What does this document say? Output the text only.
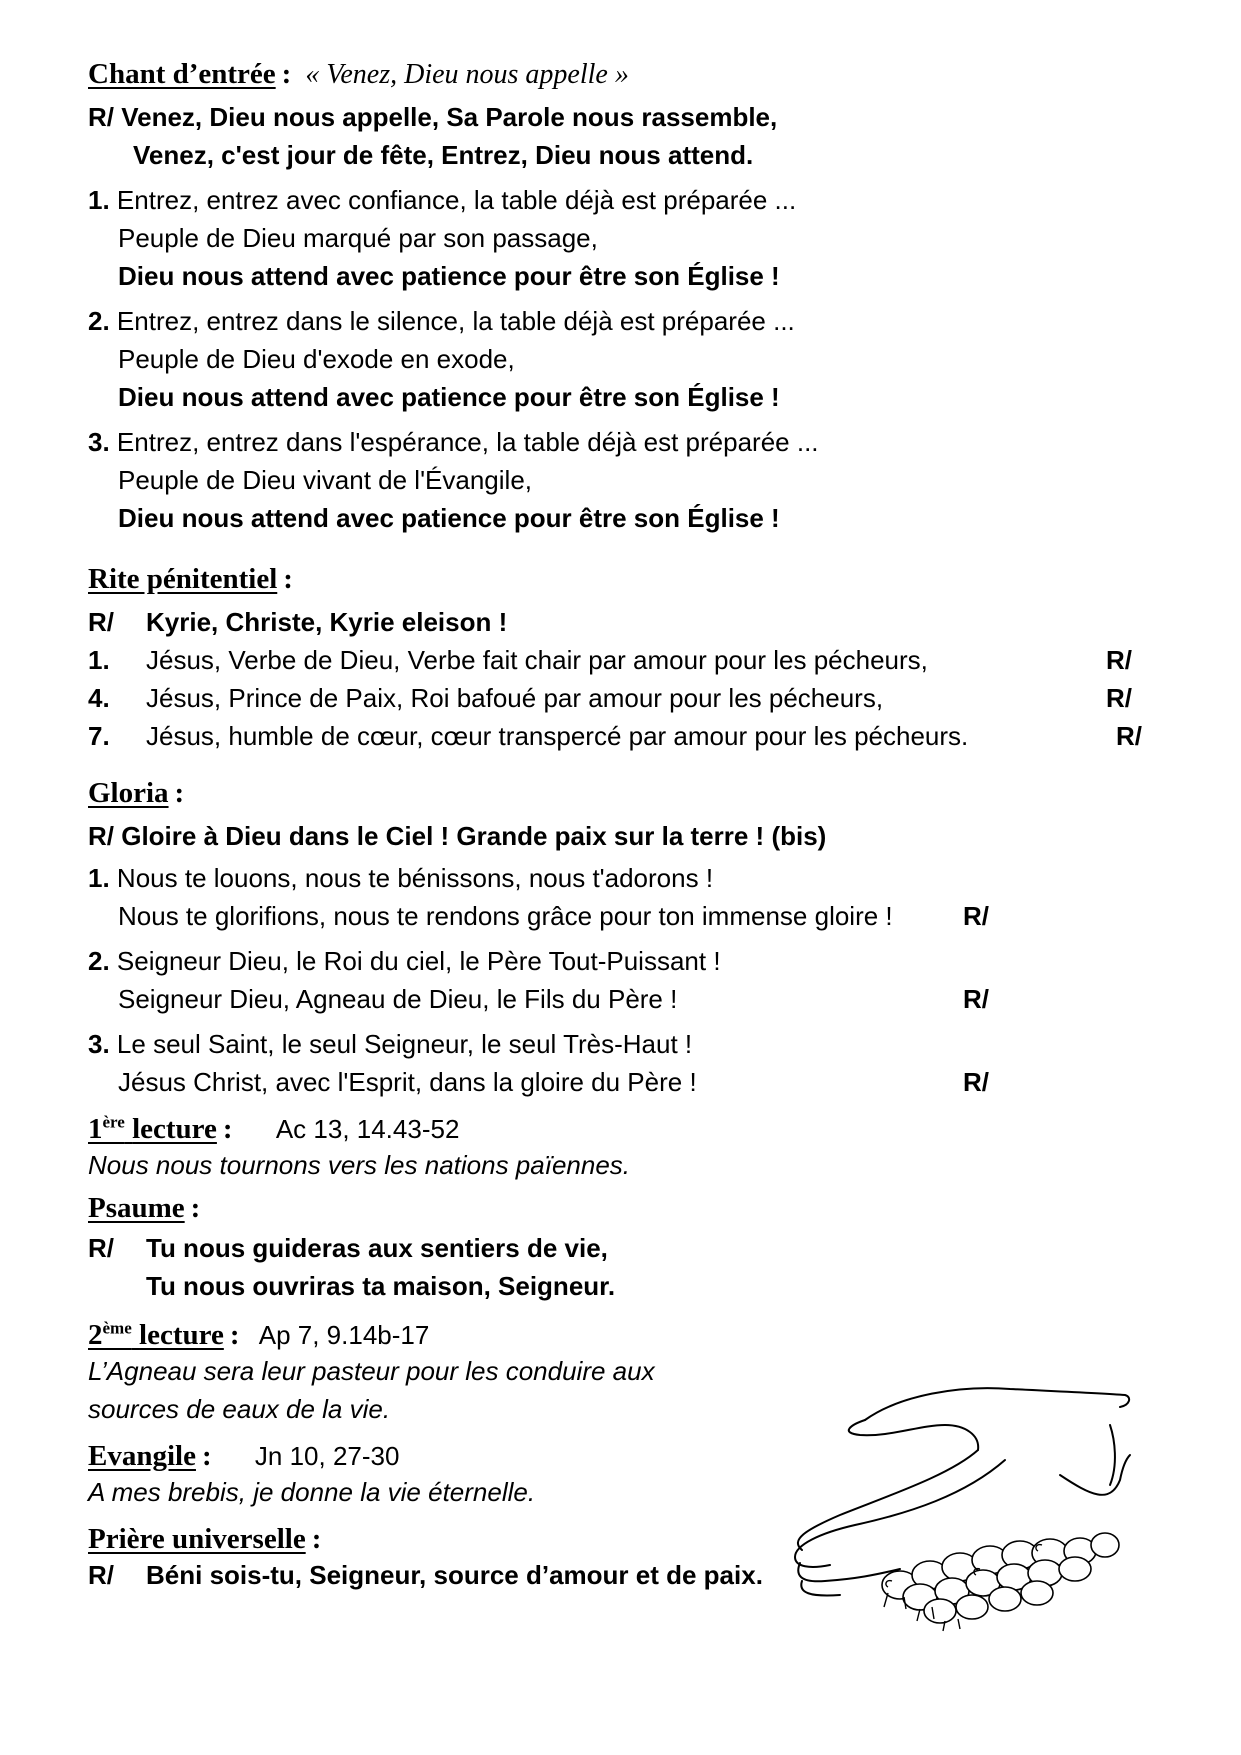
Chant d’entrée : « Venez, Dieu nous appelle »
R/ Venez, Dieu nous appelle, Sa Parole nous rassemble,
Venez, c'est jour de fête, Entrez, Dieu nous attend.
1. Entrez, entrez avec confiance, la table déjà est préparée ...
Peuple de Dieu marqué par son passage,
Dieu nous attend avec patience pour être son Église !
2. Entrez, entrez dans le silence, la table déjà est préparée ...
Peuple de Dieu d'exode en exode,
Dieu nous attend avec patience pour être son Église !
3. Entrez, entrez dans l'espérance, la table déjà est préparée ...
Peuple de Dieu vivant de l'Évangile,
Dieu nous attend avec patience pour être son Église !
Rite pénitentiel :
R/	Kyrie, Christe, Kyrie eleison !
1.	Jésus, Verbe de Dieu, Verbe fait chair par amour pour les pécheurs,	R/
4.	Jésus, Prince de Paix, Roi bafoué par amour pour les pécheurs,	R/
7.	Jésus, humble de cœur, cœur transpercé par amour pour les pécheurs.	R/
Gloria :
R/ Gloire à Dieu dans le Ciel ! Grande paix sur la terre ! (bis)
1. Nous te louons, nous te bénissons, nous t'adorons !
Nous te glorifions, nous te rendons grâce pour ton immense gloire !	R/
2. Seigneur Dieu, le Roi du ciel, le Père Tout-Puissant !
Seigneur Dieu, Agneau de Dieu, le Fils du Père !	R/
3. Le seul Saint, le seul Seigneur, le seul Très-Haut !
Jésus Christ, avec l'Esprit, dans la gloire du Père !	R/
1ère lecture : Ac 13, 14.43-52
Nous nous tournons vers les nations païennes.
Psaume :
R/	Tu nous guideras aux sentiers de vie,
Tu nous ouvriras ta maison, Seigneur.
2ème lecture : Ap 7, 9.14b-17
L’Agneau sera leur pasteur pour les conduire aux
sources de eaux de la vie.
Evangile : Jn 10, 27-30
A mes brebis, je donne la vie éternelle.
Prière universelle :
R/	Béni sois-tu, Seigneur, source d’amour et de paix.
